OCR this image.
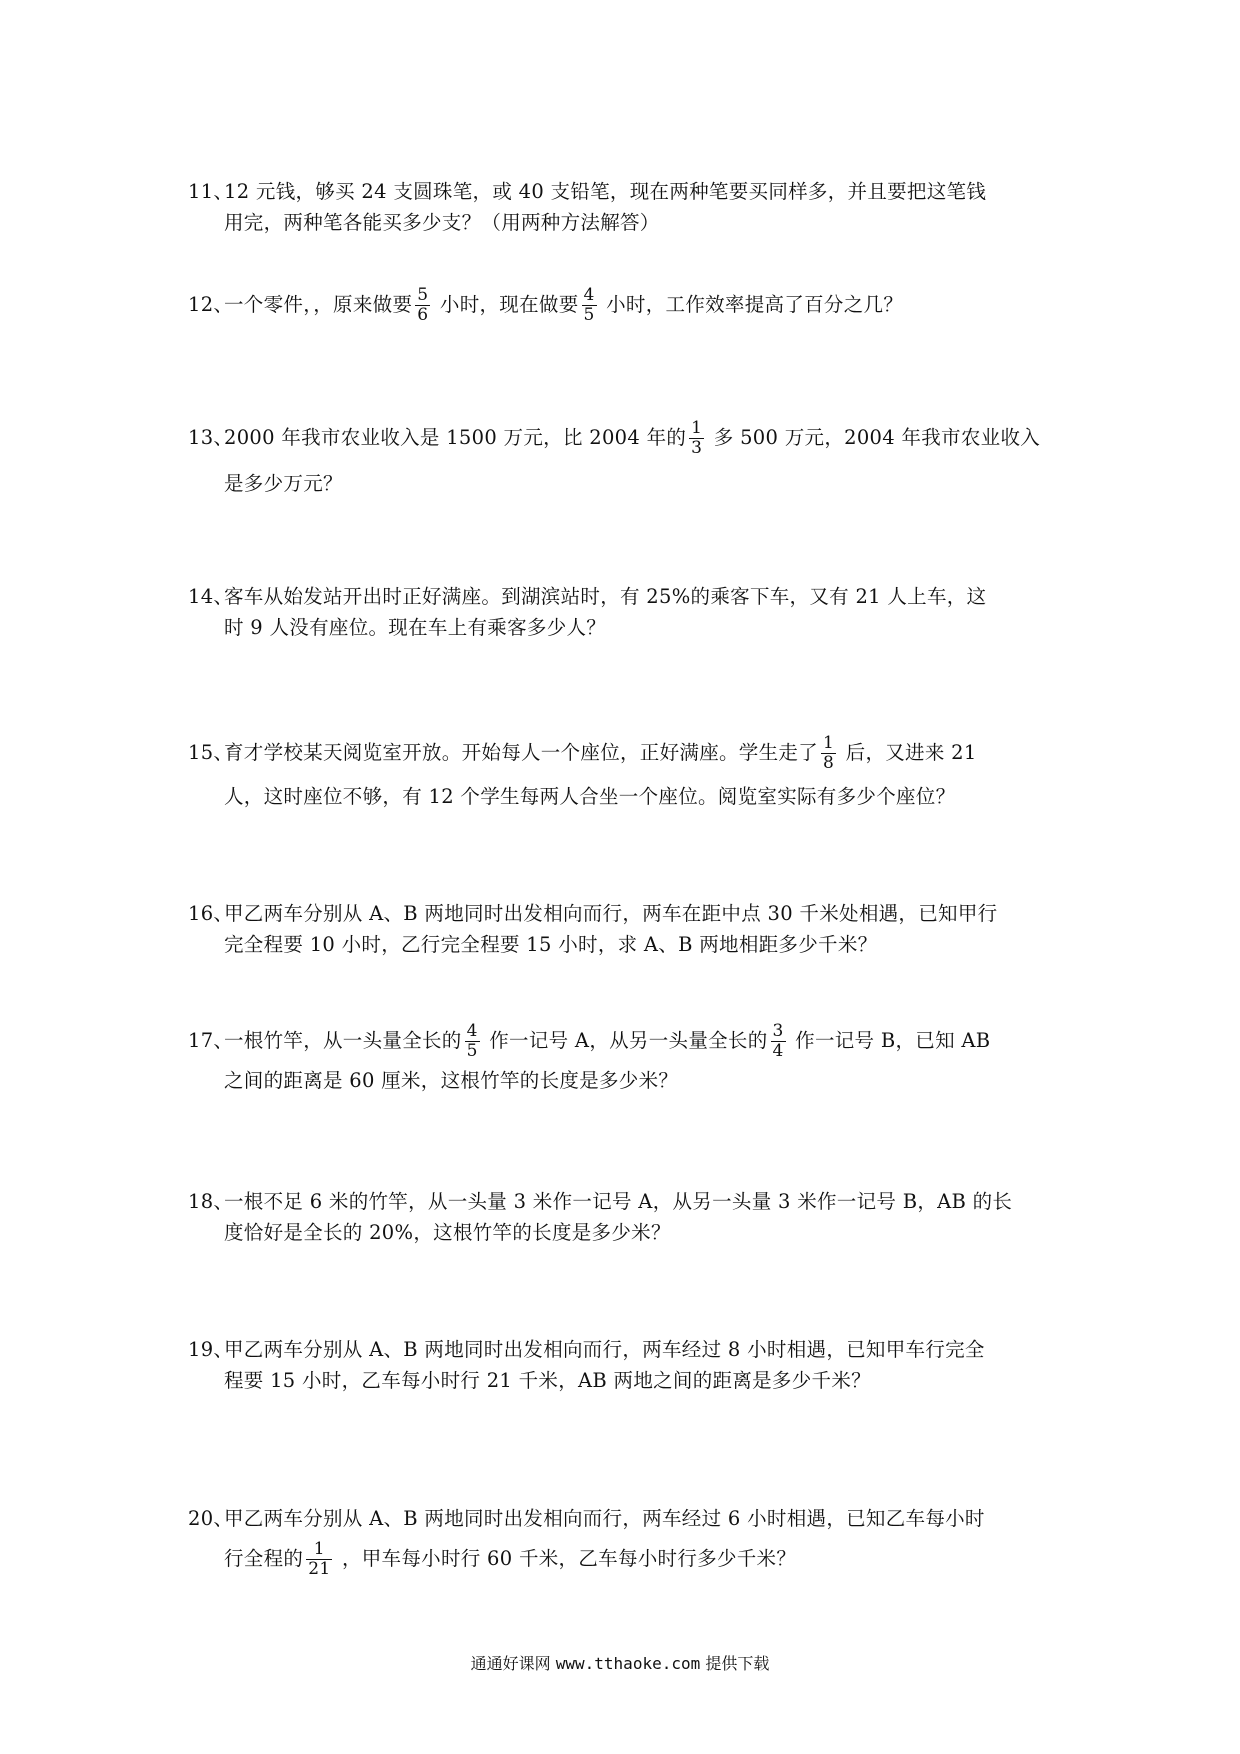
11、12 元钱，够买 24 支圆珠笔，或 40 支铅笔，现在两种笔要买同样多，并且要把这笔钱
用完，两种笔各能买多少支？（用两种方法解答）
12、一个零件，，原来做要 $\frac{5}{6}$ 小时，现在做要 $\frac{4}{5}$ 小时，工作效率提高了百分之几？
13、2000 年我市农业收入是 1500 万元，比 2004 年的 $\frac{1}{3}$ 多 500 万元，2004 年我市农业收入
是多少万元？
14、客车从始发站开出时正好满座。到湖滨站时，有 25%的乘客下车，又有 21 人上车，这
时 9 人没有座位。现在车上有乘客多少人？
15、育才学校某天阅览室开放。开始每人一个座位，正好满座。学生走了 $\frac{1}{8}$ 后，又进来 21
人，这时座位不够，有 12 个学生每两人合坐一个座位。阅览室实际有多少个座位？
16、甲乙两车分别从 A、B 两地同时出发相向而行，两车在距中点 30 千米处相遇，已知甲行
完全程要 10 小时，乙行完全程要 15 小时，求 A、B 两地相距多少千米？
17、一根竹竿，从一头量全长的 $\frac{4}{5}$ 作一记号 A，从另一头量全长的 $\frac{3}{4}$ 作一记号 B，已知 AB
之间的距离是 60 厘米，这根竹竿的长度是多少米？
18、一根不足 6 米的竹竿，从一头量 3 米作一记号 A，从另一头量 3 米作一记号 B，AB 的长
度恰好是全长的 20%，这根竹竿的长度是多少米？
19、甲乙两车分别从 A、B 两地同时出发相向而行，两车经过 8 小时相遇，已知甲车行完全
程要 15 小时，乙车每小时行 21 千米，AB 两地之间的距离是多少千米？
20、甲乙两车分别从 A、B 两地同时出发相向而行，两车经过 6 小时相遇，已知乙车每小时
行全程的 $\frac{1}{21}$ ，甲车每小时行 60 千米，乙车每小时行多少千米？
通通好课网 www.tthaoke.com 提供下载
